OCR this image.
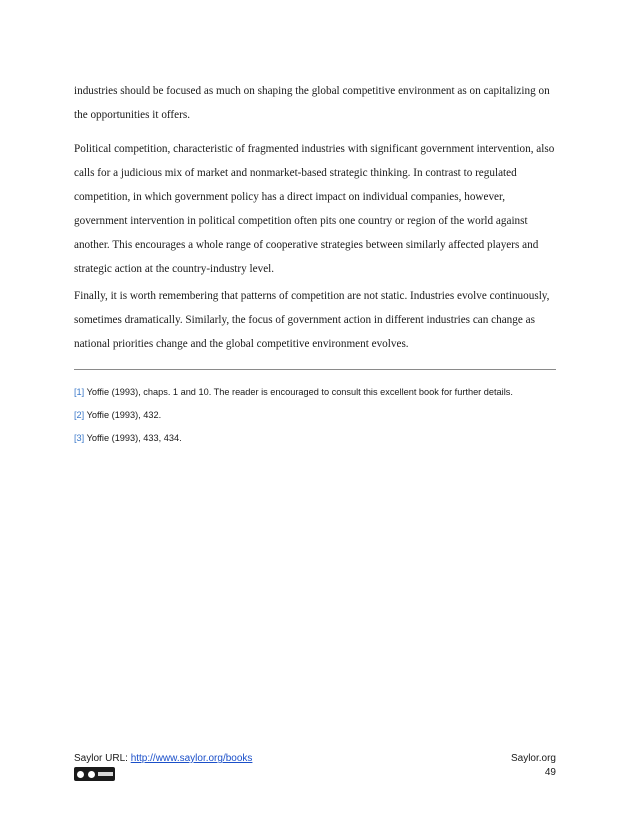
industries should be focused as much on shaping the global competitive environment as on capitalizing on the opportunities it offers.

Political competition, characteristic of fragmented industries with significant government intervention, also calls for a judicious mix of market and nonmarket-based strategic thinking. In contrast to regulated competition, in which government policy has a direct impact on individual companies, however, government intervention in political competition often pits one country or region of the world against another. This encourages a whole range of cooperative strategies between similarly affected players and strategic action at the country-industry level.

Finally, it is worth remembering that patterns of competition are not static. Industries evolve continuously, sometimes dramatically. Similarly, the focus of government action in different industries can change as national priorities change and the global competitive environment evolves.

[1] Yoffie (1993), chaps. 1 and 10. The reader is encouraged to consult this excellent book for further details.

[2] Yoffie (1993), 432.

[3] Yoffie (1993), 433, 434.

Saylor URL: http://www.saylor.org/books	Saylor.org
49
